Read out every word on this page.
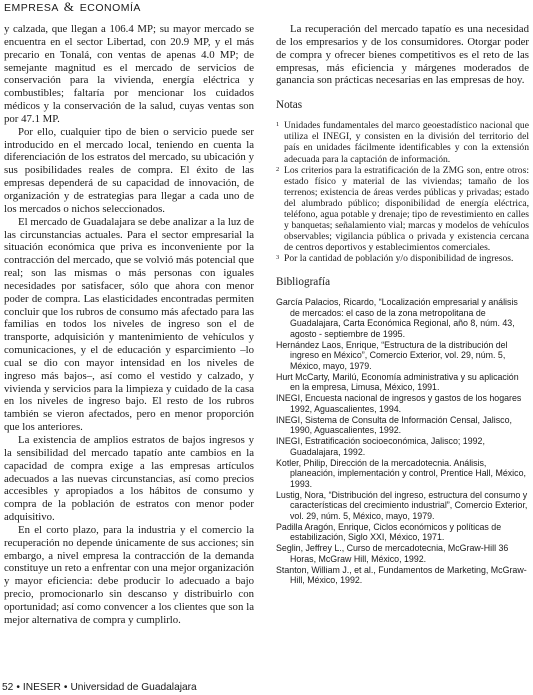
EMPRESA & ECONOMÍA

y calzada, que llegan a 106.4 MP; su mayor mercado se encuentra en el sector Libertad, con 20.9 MP, y el más precario en Tonalá, con ventas de apenas 4.0 MP; de semejante magnitud es el mercado de servicios de conservación para la vivienda, energía eléctrica y combustibles; faltaría por mencionar los cuidados médicos y la conservación de la salud, cuyas ventas son por 47.1 MP.

Por ello, cualquier tipo de bien o servicio puede ser introducido en el mercado local, teniendo en cuenta la diferenciación de los estratos del mercado, su ubicación y sus posibilidades reales de compra. El éxito de las empresas dependerá de su capacidad de innovación, de organización y de estrategias para llegar a cada uno de los mercados o nichos seleccionados.

El mercado de Guadalajara se debe analizar a la luz de las circunstancias actuales. Para el sector empresarial la situación económica que priva es inconveniente por la contracción del mercado, que se volvió más potencial que real; son las mismas o más personas con iguales necesidades por satisfacer, sólo que ahora con menor poder de compra. Las elasticidades encontradas permiten concluir que los rubros de consumo más afectado para las familias en todos los niveles de ingreso son el de transporte, adquisición y mantenimiento de vehículos y comunicaciones, y el de educación y esparcimiento –lo cual se dio con mayor intensidad en los niveles de ingreso más bajos–, así como el vestido y calzado, y vivienda y servicios para la limpieza y cuidado de la casa en los niveles de ingreso bajo. El resto de los rubros también se vieron afectados, pero en menor proporción que los anteriores.

La existencia de amplios estratos de bajos ingresos y la sensibilidad del mercado tapatío ante cambios en la capacidad de compra exige a las empresas artículos adecuados a las nuevas circunstancias, así como precios accesibles y apropiados a los hábitos de consumo y compra de la población de estratos con menor poder adquisitivo.

En el corto plazo, para la industria y el comercio la recuperación no depende únicamente de sus acciones; sin embargo, a nivel empresa la contracción de la demanda constituye un reto a enfrentar con una mejor organización y mayor eficiencia: debe producir lo adecuado a bajo precio, promocionarlo sin descanso y distribuirlo con oportunidad; así como convencer a los clientes que son la mejor alternativa de compra y cumplirlo.

La recuperación del mercado tapatío es una necesidad de los empresarios y de los consumidores. Otorgar poder de compra y ofrecer bienes competitivos es el reto de las empresas, más eficiencia y márgenes moderados de ganancia son prácticas necesarias en las empresas de hoy.

Notas
1 Unidades fundamentales del marco geoestadístico nacional que utiliza el INEGI, y consisten en la división del territorio del país en unidades fácilmente identificables y con la extensión adecuada para la captación de información.
2 Los criterios para la estratificación de la ZMG son, entre otros: estado físico y material de las viviendas; tamaño de los terrenos; existencia de áreas verdes públicas y privadas; estado del alumbrado público; disponibilidad de energía eléctrica, teléfono, agua potable y drenaje; tipo de revestimiento en calles y banquetas; señalamiento vial; marcas y modelos de vehículos observables; vigilancia pública o privada y existencia cercana de centros deportivos y establecimientos comerciales.
3 Por la cantidad de población y/o disponibilidad de ingresos.
Bibliografía
García Palacios, Ricardo, “Localización empresarial y análisis de mercados: el caso de la zona metropolitana de Guadalajara, Carta Económica Regional, año 8, núm. 43, agosto - septiembre de 1995.
Hernández Laos, Enrique, “Estructura de la distribución del ingreso en México”, Comercio Exterior, vol. 29, núm. 5, México, mayo, 1979.
Hurt McCarty, Marilú, Economía administrativa y su aplicación en la empresa, Limusa, México, 1991.
INEGI, Encuesta nacional de ingresos y gastos de los hogares 1992, Aguascalientes, 1994.
INEGI, Sistema de Consulta de Información Censal, Jalisco, 1990, Aguascalientes, 1992.
INEGI, Estratificación socioeconómica, Jalisco; 1992, Guadalajara, 1992.
Kotler, Philip, Dirección de la mercadotecnia. Análisis, planeación, implementación y control, Prentice Hall, México, 1993.
Lustig, Nora, “Distribución del ingreso, estructura del consumo y características del crecimiento industrial”, Comercio Exterior, vol. 29, núm. 5, México, mayo, 1979.
Padilla Aragón, Enrique, Ciclos económicos y políticas de estabilización, Siglo XXI, México, 1971.
Seglin, Jeffrey L., Curso de mercadotecnia, McGraw-Hill 36 Horas, McGraw Hill, México, 1992.
Stanton, William J., et al., Fundamentos de Marketing, McGraw-Hill, México, 1992.
52 • INESER • Universidad de Guadalajara
